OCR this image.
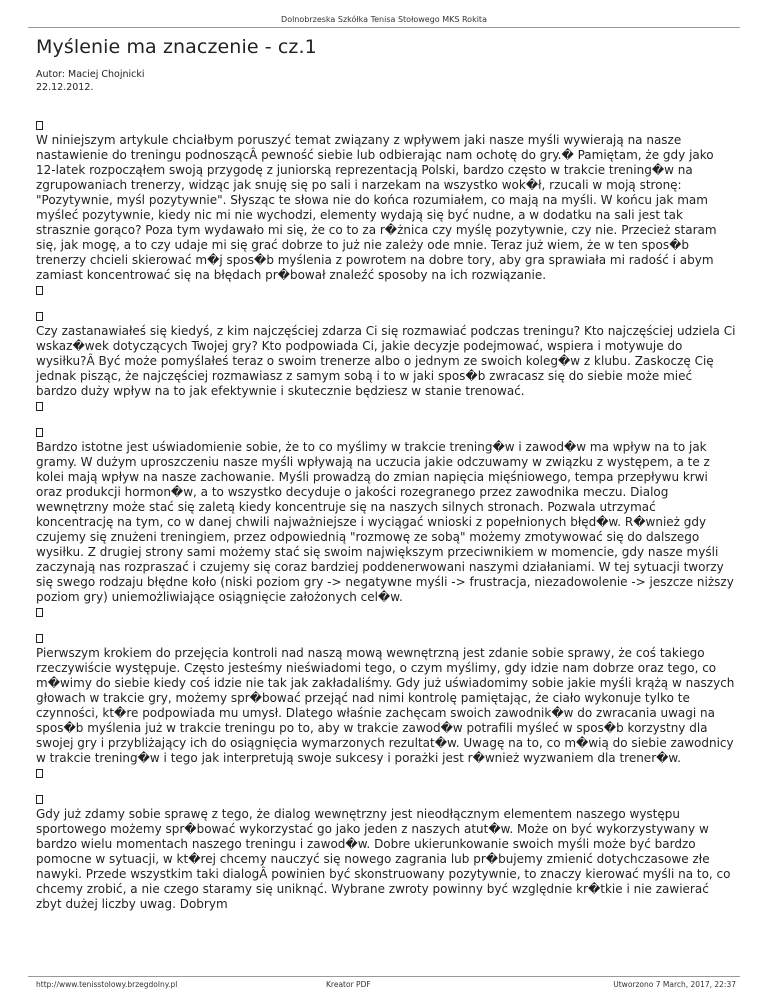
Dolnobrzeska Szkółka Tenisa Stołowego MKS Rokita
Myślenie ma znaczenie - cz.1
Autor: Maciej Chojnicki
22.12.2012.
W niniejszym artykule chciałbym poruszyć temat związany z wpływem jaki nasze myśli wywierają na nasze nastawienie do treningu podnoszącÂ pewność siebie lub odbierając nam ochotę do gry.� Pamiętam, że gdy jako 12-latek rozpocząłem swoją przygodę z juniorską reprezentacją Polski, bardzo często w trakcie trening�w na zgrupowaniach trenerzy, widząc jak snuję się po sali i narzekam na wszystko wok�ł, rzucali w moją stronę: "Pozytywnie, myśl pozytywnie". Słysząc te słowa nie do końca rozumiałem, co mają na myśli. W końcu jak mam myśleć pozytywnie, kiedy nic mi nie wychodzi, elementy wydają się być nudne, a w dodatku na sali jest tak strasznie gorąco? Poza tym wydawało mi się, że co to za r�żnica czy myślę pozytywnie, czy nie. Przecież staram się, jak mogę, a to czy udaje mi się grać dobrze to już nie zależy ode mnie. Teraz już wiem, że w ten spos�b trenerzy chcieli skierować m�j spos�b myślenia z powrotem na dobre tory, aby gra sprawiała mi radość i abym zamiast koncentrować się na błędach pr�bował znaleźć sposoby na ich rozwiązanie.
Czy zastanawiałeś się kiedyś, z kim najczęściej zdarza Ci się rozmawiać podczas treningu? Kto najczęściej udziela Ci wskaz�wek dotyczących Twojej gry? Kto podpowiada Ci, jakie decyzje podejmować, wspiera i motywuje do wysiłku?Â Być może pomyślałeś teraz o swoim trenerze albo o jednym ze swoich koleg�w z klubu. Zaskoczę Cię jednak pisząc, że najczęściej rozmawiasz z samym sobą i to w jaki spos�b zwracasz się do siebie może mieć bardzo duży wpływ na to jak efektywnie i skutecznie będziesz w stanie trenować.
Bardzo istotne jest uświadomienie sobie, że to co myślimy w trakcie trening�w i zawod�w ma wpływ na to jak gramy. W dużym uproszczeniu nasze myśli wpływają na uczucia jakie odczuwamy w związku z występem, a te z kolei mają wpływ na nasze zachowanie. Myśli prowadzą do zmian napięcia mięśniowego, tempa przepływu krwi oraz produkcji hormon�w, a to wszystko decyduje o jakości rozegranego przez zawodnika meczu. Dialog wewnętrzny może stać się zaletą kiedy koncentruje się na naszych silnych stronach. Pozwala utrzymać koncentrację na tym, co w danej chwili najważniejsze i wyciągać wnioski z popełnionych błęd�w. R�wnież gdy czujemy się znużeni treningiem, przez odpowiednią "rozmowę ze sobą" możemy zmotywować się do dalszego wysiłku. Z drugiej strony sami możemy stać się swoim największym przeciwnikiem w momencie, gdy nasze myśli zaczynają nas rozpraszać i czujemy się coraz bardziej poddenerwowani naszymi działaniami. W tej sytuacji tworzy się swego rodzaju błędne koło (niski poziom gry -> negatywne myśli -> frustracja, niezadowolenie -> jeszcze niższy poziom gry) uniemożliwiające osiągnięcie założonych cel�w.
Pierwszym krokiem do przejęcia kontroli nad naszą mową wewnętrzną jest zdanie sobie sprawy, że coś takiego rzeczywiście występuje. Często jesteśmy nieświadomi tego, o czym myślimy, gdy idzie nam dobrze oraz tego, co m�wimy do siebie kiedy coś idzie nie tak jak zakładaliśmy. Gdy już uświadomimy sobie jakie myśli krążą w naszych głowach w trakcie gry, możemy spr�bować przejąć nad nimi kontrolę pamiętając, że ciało wykonuje tylko te czynności, kt�re podpowiada mu umysł. Dlatego właśnie zachęcam swoich zawodnik�w do zwracania uwagi na spos�b myślenia już w trakcie treningu po to, aby w trakcie zawod�w potrafili myśleć w spos�b korzystny dla swojej gry i przybliżający ich do osiągnięcia wymarzonych rezultat�w. Uwagę na to, co m�wią do siebie zawodnicy w trakcie trening�w i tego jak interpretują swoje sukcesy i porażki jest r�wnież wyzwaniem dla trener�w.
Gdy już zdamy sobie sprawę z tego, że dialog wewnętrzny jest nieodłącznym elementem naszego występu sportowego możemy spr�bować wykorzystać go jako jeden z naszych atut�w. Może on być wykorzystywany w bardzo wielu momentach naszego treningu i zawod�w. Dobre ukierunkowanie swoich myśli może być bardzo pomocne w sytuacji, w kt�rej chcemy nauczyć się nowego zagrania lub pr�bujemy zmienić dotychczasowe złe nawyki. Przede wszystkim taki dialogÂ powinien być skonstruowany pozytywnie, to znaczy kierować myśli na to, co chcemy zrobić, a nie czego staramy się uniknąć. Wybrane zwroty powinny być względnie kr�tkie i nie zawierać zbyt dużej liczby uwag. Dobrym
http://www.tenisstolowy.brzegdolny.pl	Kreator PDF	Utworzono 7 March, 2017, 22:37
